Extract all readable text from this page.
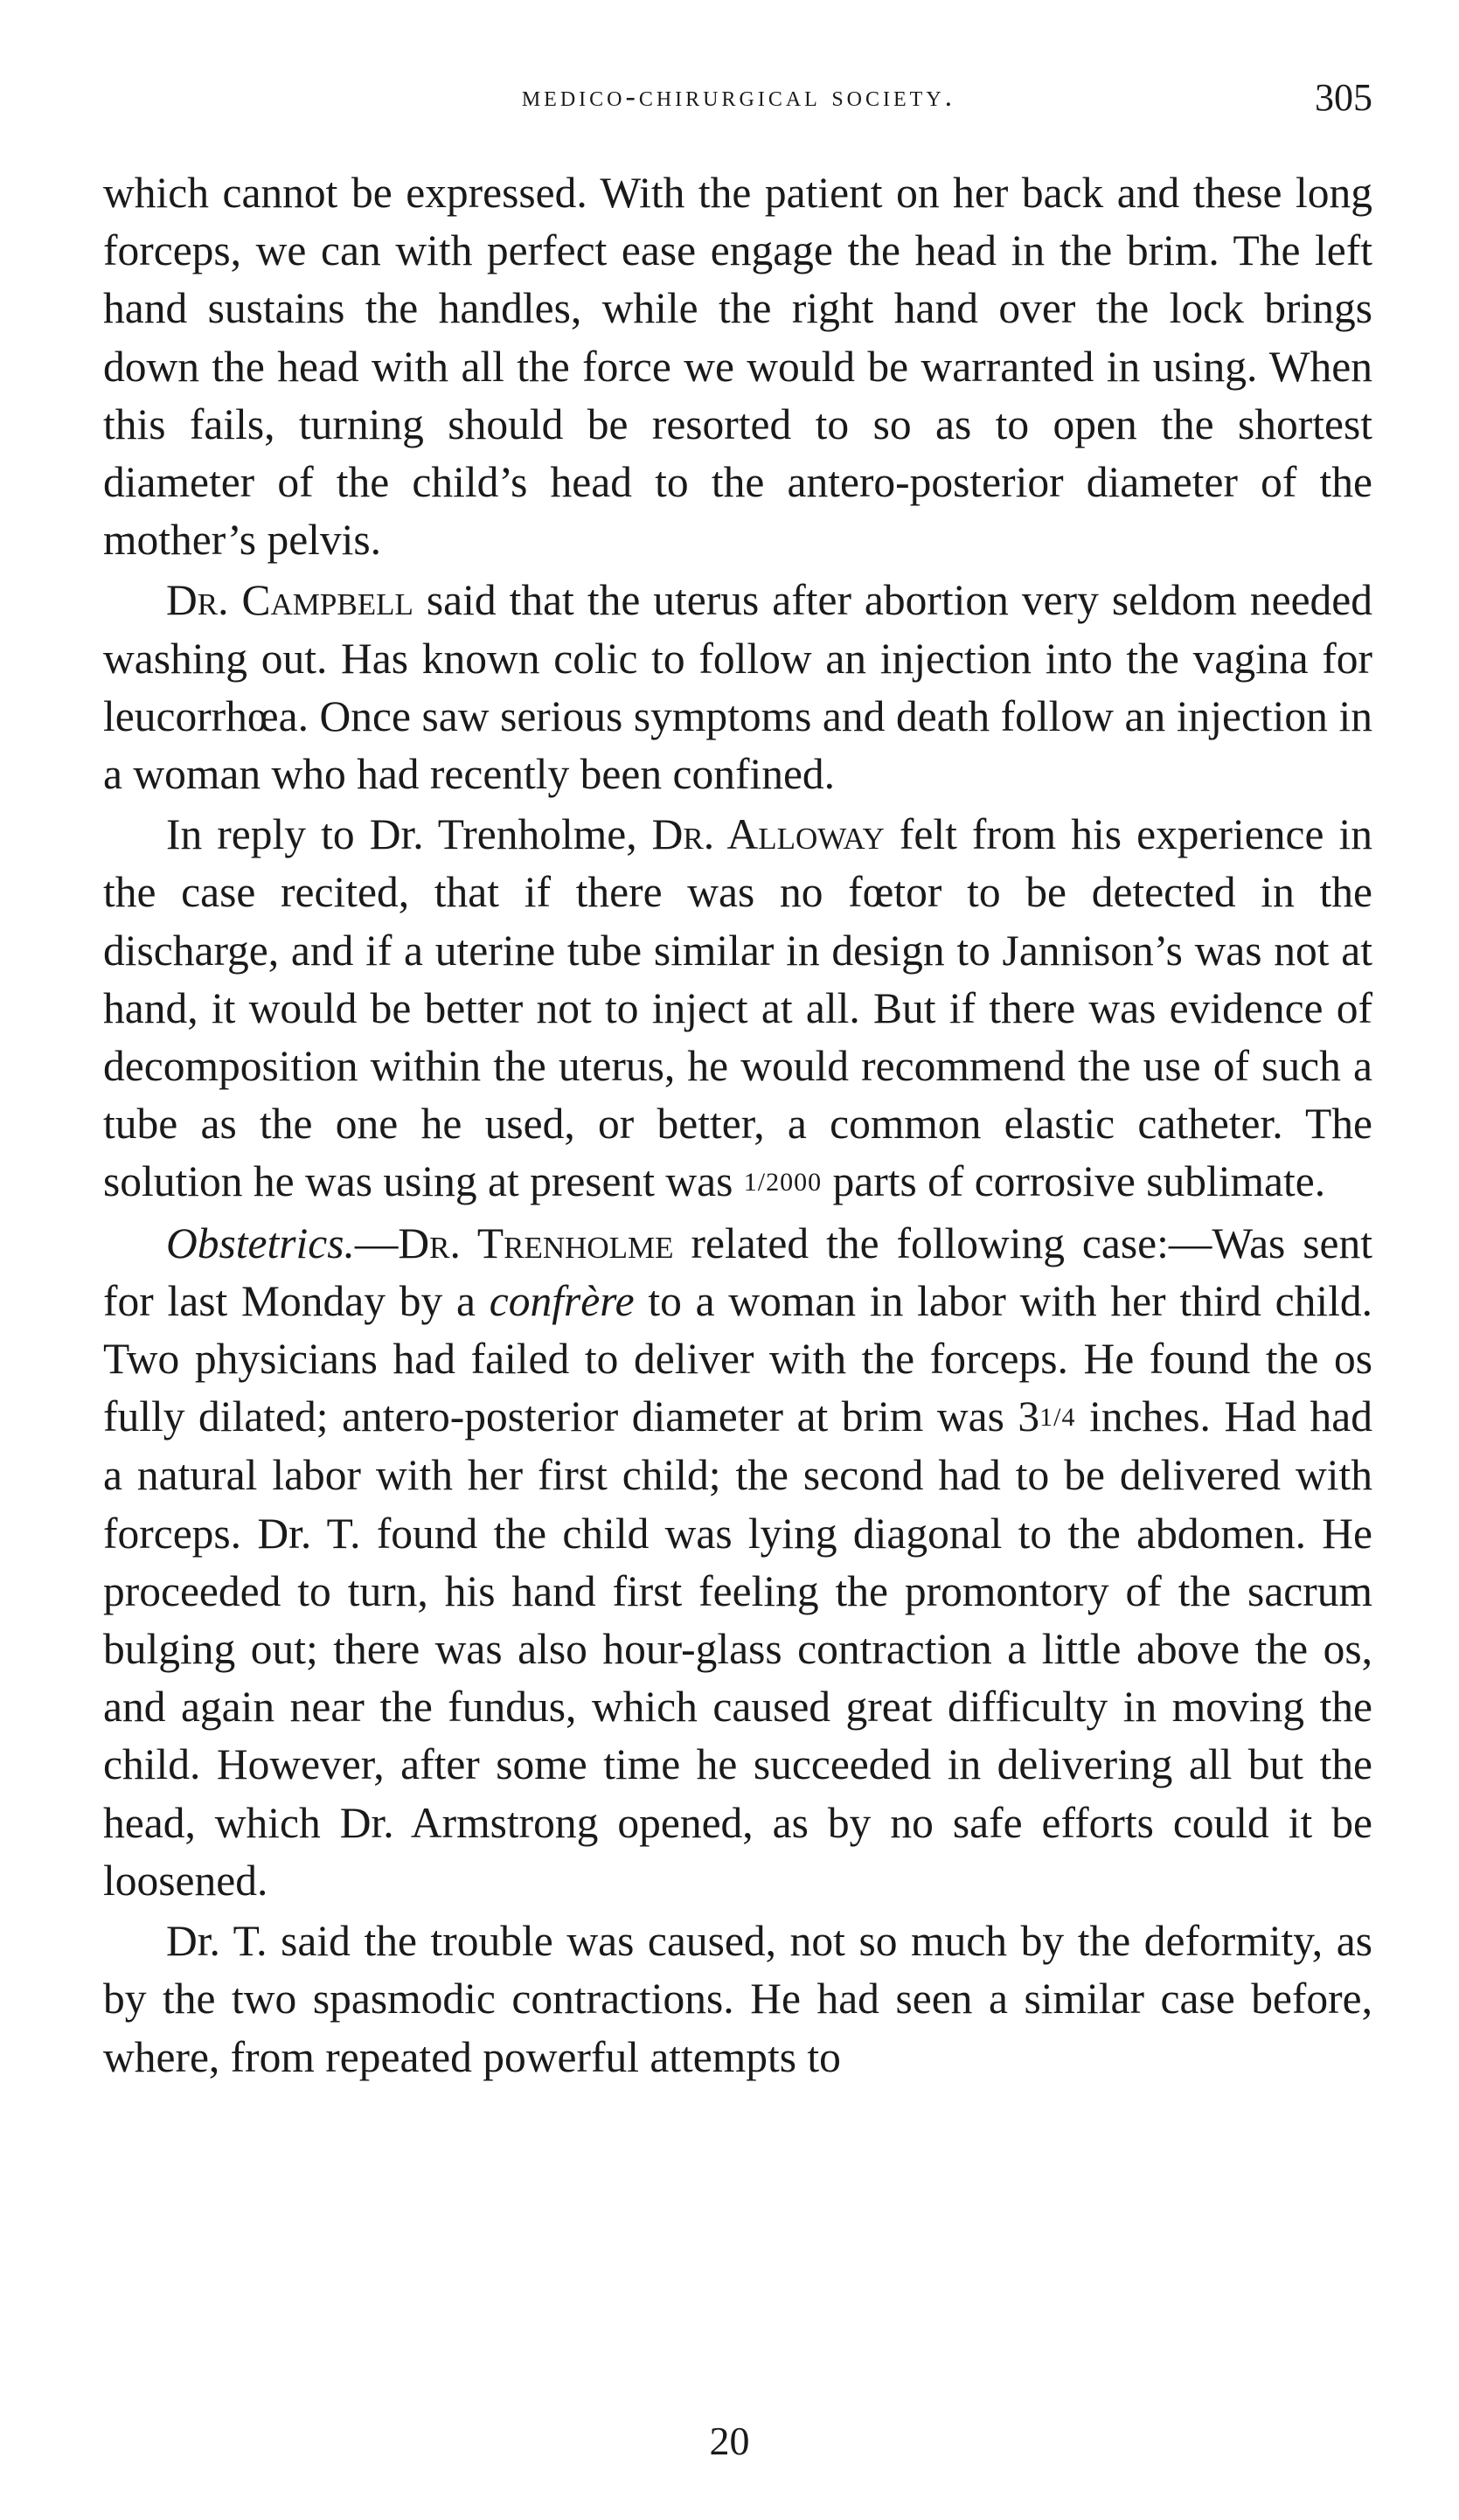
medico-chirurgical society.	305

which cannot be expressed. With the patient on her back and these long forceps, we can with perfect ease engage the head in the brim. The left hand sustains the handles, while the right hand over the lock brings down the head with all the force we would be warranted in using. When this fails, turning should be resorted to so as to open the shortest diameter of the child’s head to the antero-posterior diameter of the mother’s pelvis.

Dr. Campbell said that the uterus after abortion very seldom needed washing out. Has known colic to follow an injection into the vagina for leucorrhœa. Once saw serious symptoms and death follow an injection in a woman who had recently been confined.

In reply to Dr. Trenholme, Dr. Alloway felt from his experience in the case recited, that if there was no fœtor to be detected in the discharge, and if a uterine tube similar in design to Jannison’s was not at hand, it would be better not to inject at all. But if there was evidence of decomposition within the uterus, he would recommend the use of such a tube as the one he used, or better, a common elastic catheter. The solution he was using at present was 1/2000 parts of corrosive sublimate.

Obstetrics.—Dr. Trenholme related the following case:—Was sent for last Monday by a confrère to a woman in labor with her third child. Two physicians had failed to deliver with the forceps. He found the os fully dilated; antero-posterior diameter at brim was 31/4 inches. Had had a natural labor with her first child; the second had to be delivered with forceps. Dr. T. found the child was lying diagonal to the abdomen. He proceeded to turn, his hand first feeling the promontory of the sacrum bulging out; there was also hour-glass contraction a little above the os, and again near the fundus, which caused great difficulty in moving the child. However, after some time he succeeded in delivering all but the head, which Dr. Armstrong opened, as by no safe efforts could it be loosened.

Dr. T. said the trouble was caused, not so much by the deformity, as by the two spasmodic contractions. He had seen a similar case before, where, from repeated powerful attempts to

20
